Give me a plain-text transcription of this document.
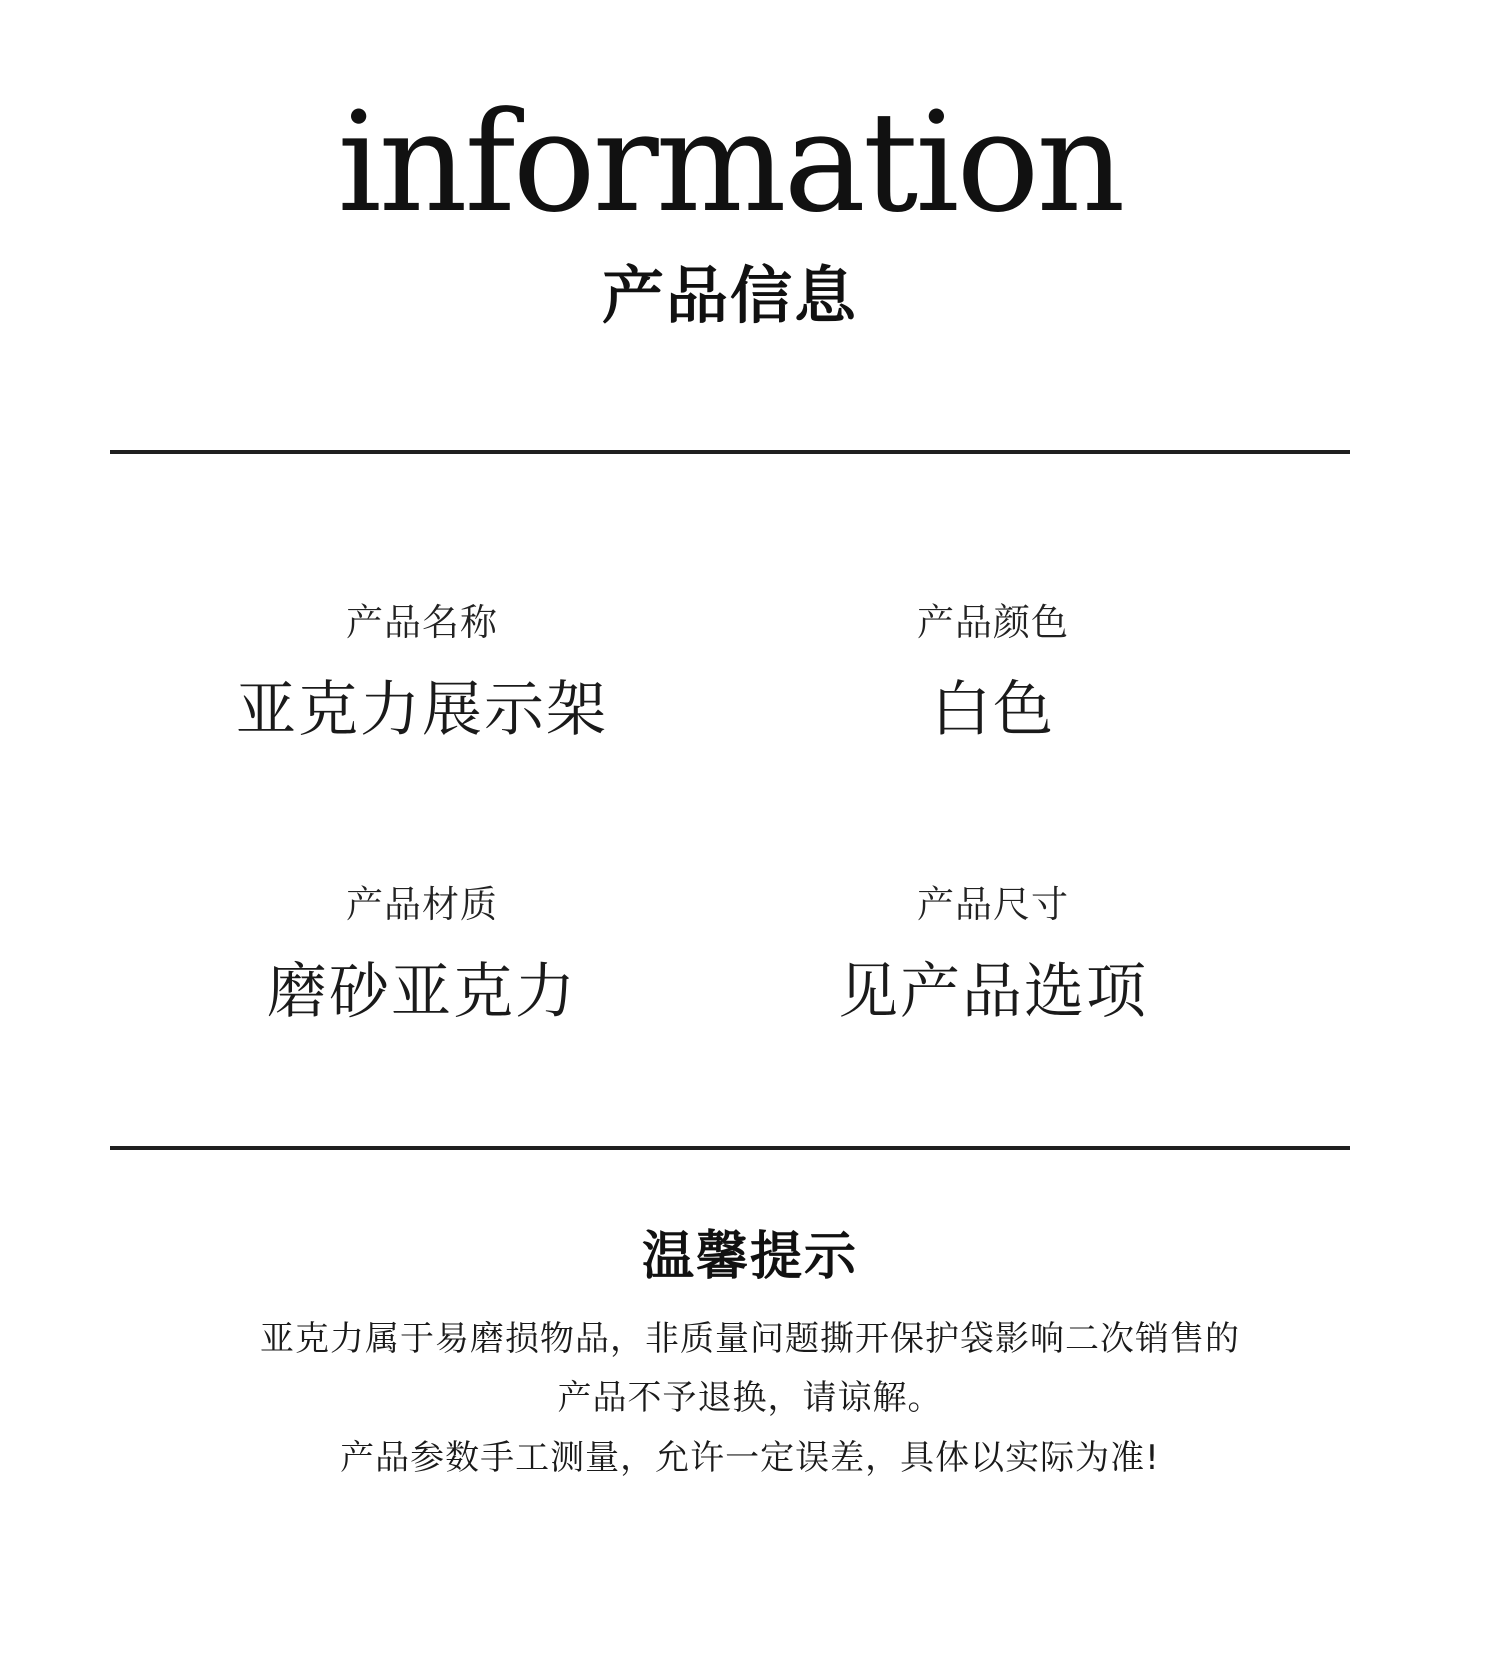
information
产品信息
产品名称
亚克力展示架
产品颜色
白色
产品材质
磨砂亚克力
产品尺寸
见产品选项
温馨提示
亚克力属于易磨损物品，非质量问题撕开保护袋影响二次销售的
产品不予退换，请谅解。
产品参数手工测量，允许一定误差，具体以实际为准!
